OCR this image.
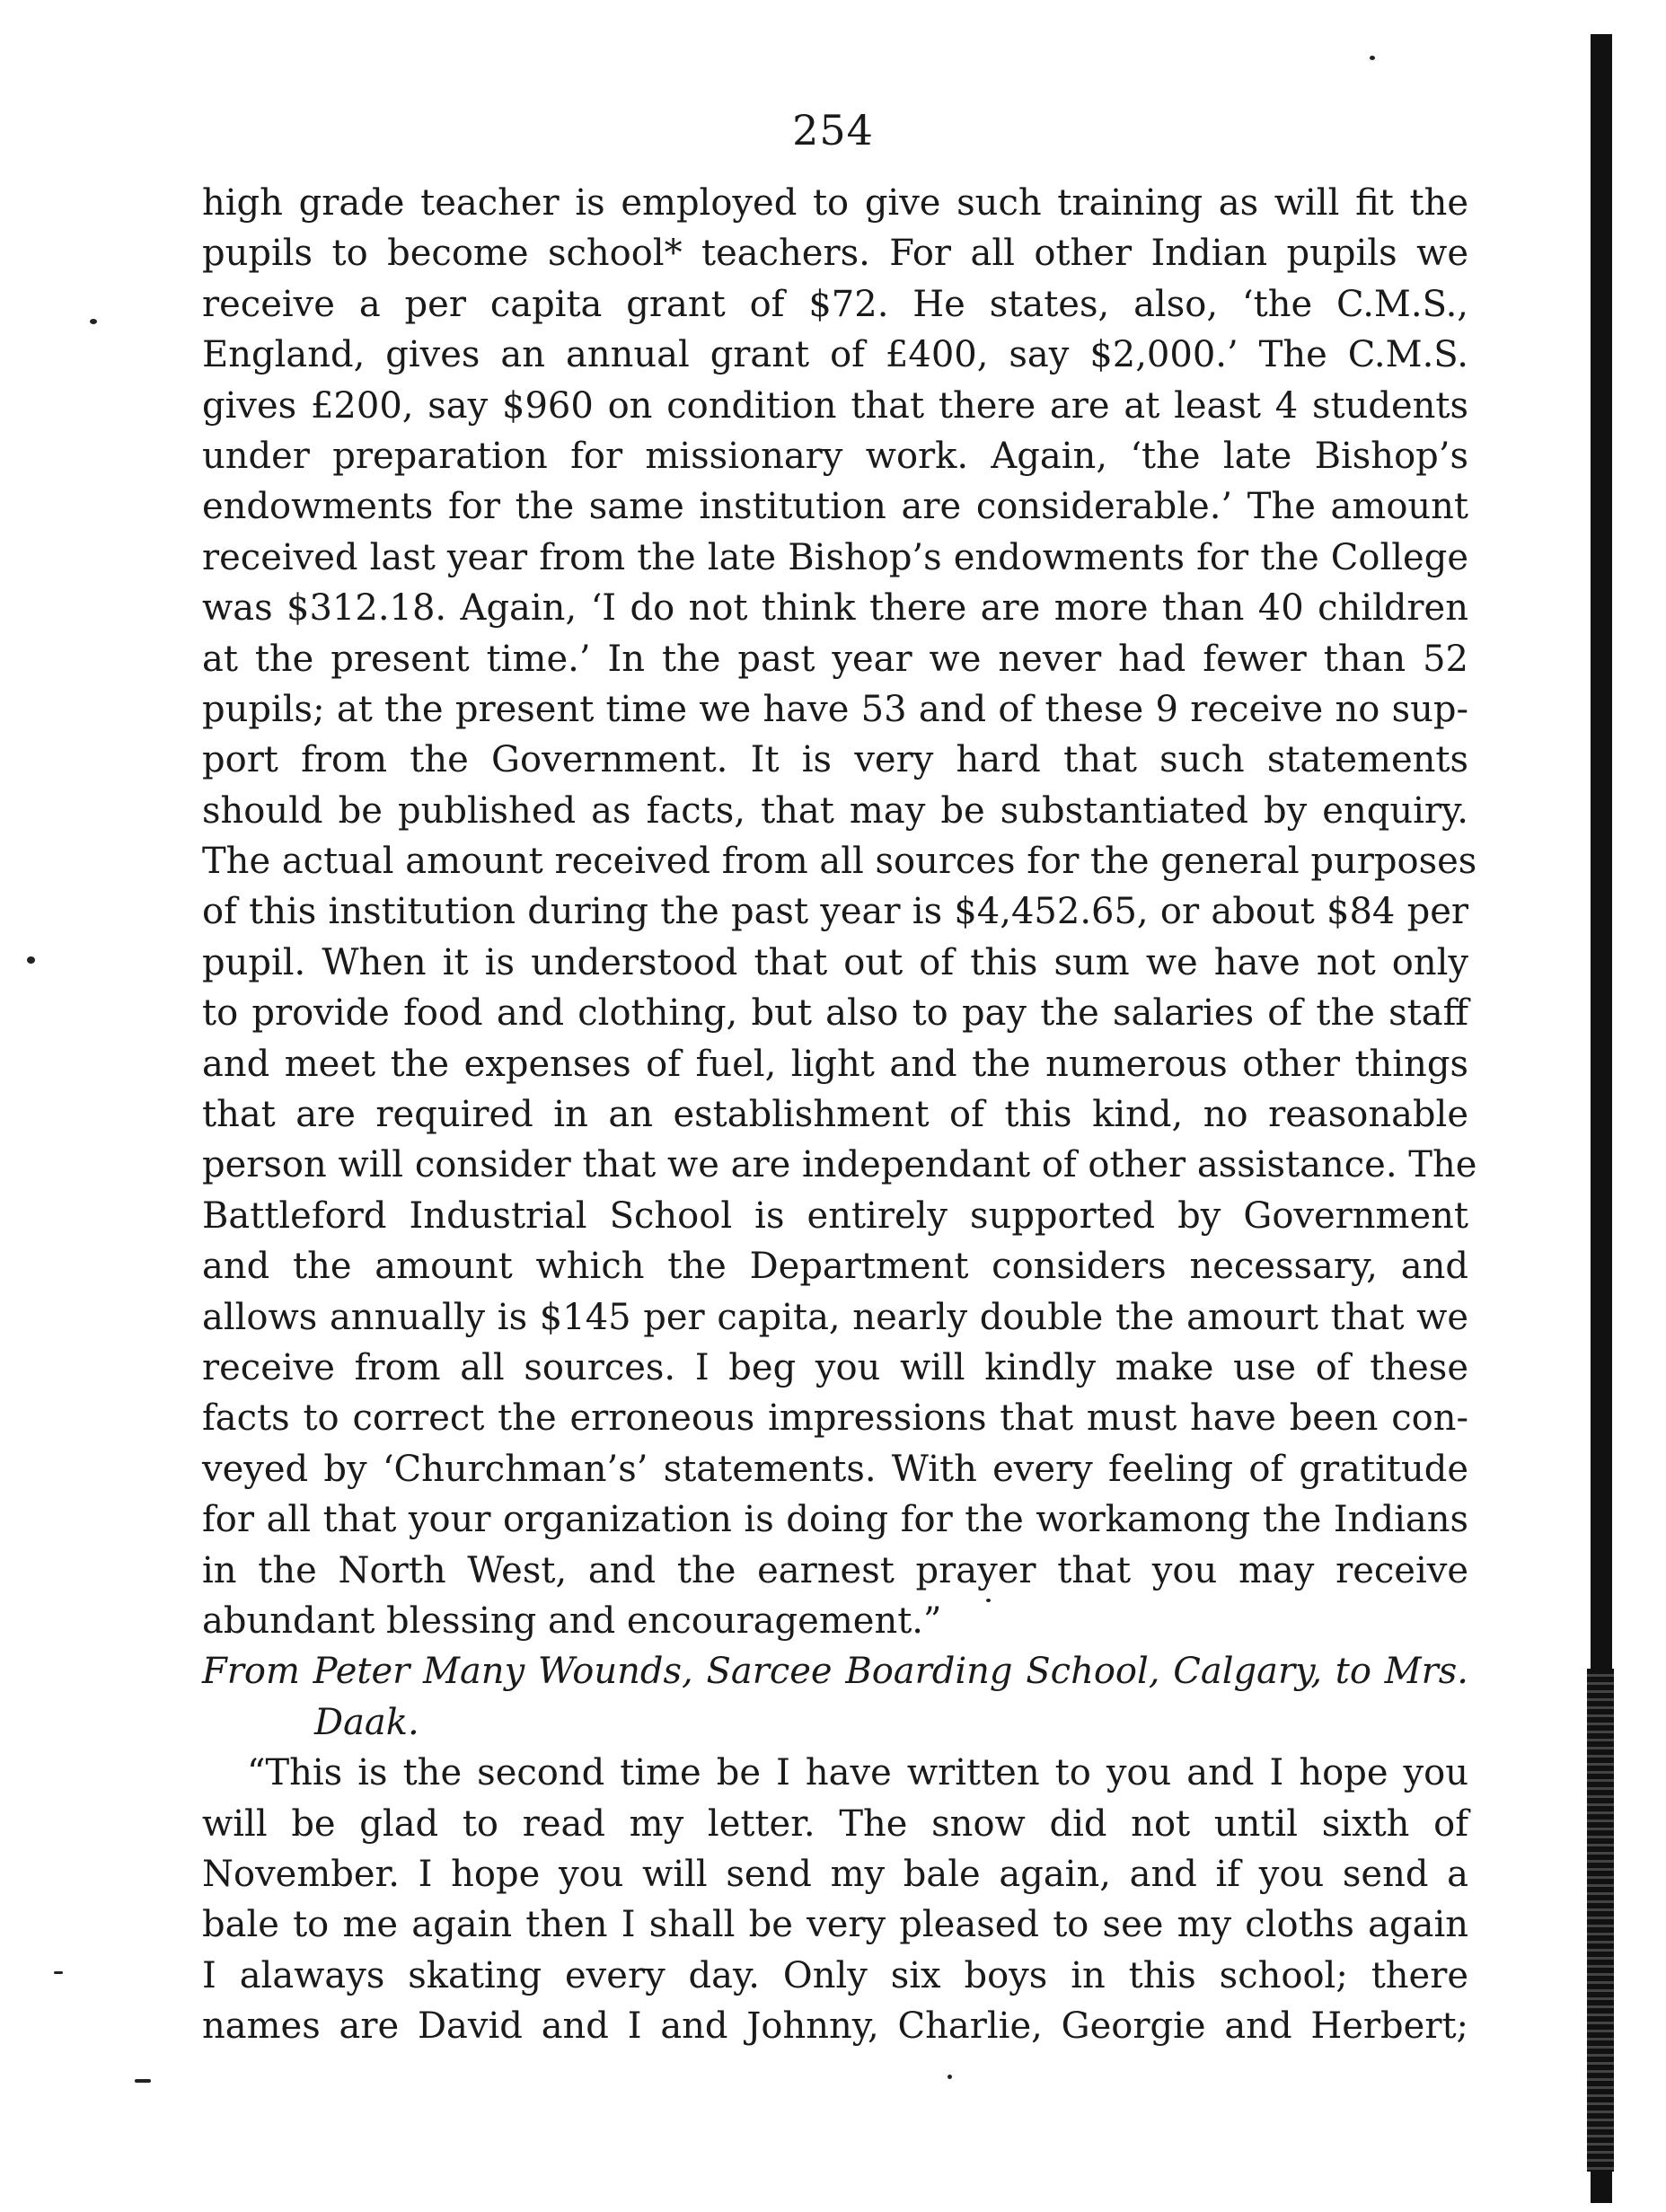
254
high grade teacher is employed to give such training as will fit the
pupils to become school* teachers. For all other Indian pupils we
receive a per capita grant of $72. He states, also, ‘the C.M.S.,
England, gives an annual grant of £400, say $2,000.’ The C.M.S.
gives £200, say $960 on condition that there are at least 4 students
under preparation for missionary work. Again, ‘the late Bishop’s
endowments for the same institution are considerable.’ The amount
received last year from the late Bishop’s endowments for the College
was $312.18. Again, ‘I do not think there are more than 40 children
at the present time.’ In the past year we never had fewer than 52
pupils; at the present time we have 53 and of these 9 receive no sup-
port from the Government. It is very hard that such statements
should be published as facts, that may be substantiated by enquiry.
The actual amount received from all sources for the general purposes
of this institution during the past year is $4,452.65, or about $84 per
pupil. When it is understood that out of this sum we have not only
to provide food and clothing, but also to pay the salaries of the staff
and meet the expenses of fuel, light and the numerous other things
that are required in an establishment of this kind, no reasonable
person will consider that we are independant of other assistance. The
Battleford Industrial School is entirely supported by Government
and the amount which the Department considers necessary, and
allows annually is $145 per capita, nearly double the amourt that we
receive from all sources. I beg you will kindly make use of these
facts to correct the erroneous impressions that must have been con-
veyed by ‘Churchman’s’ statements. With every feeling of gratitude
for all that your organization is doing for the workamong the Indians
in the North West, and the earnest prayer that you may receive
abundant blessing and encouragement.”
From Peter Many Wounds, Sarcee Boarding School, Calgary, to Mrs.
Daak.
“This is the second time be I have written to you and I hope you
will be glad to read my letter. The snow did not until sixth of
November. I hope you will send my bale again, and if you send a
bale to me again then I shall be very pleased to see my cloths again
I alaways skating every day. Only six boys in this school; there
names are David and I and Johnny, Charlie, Georgie and Herbert;
